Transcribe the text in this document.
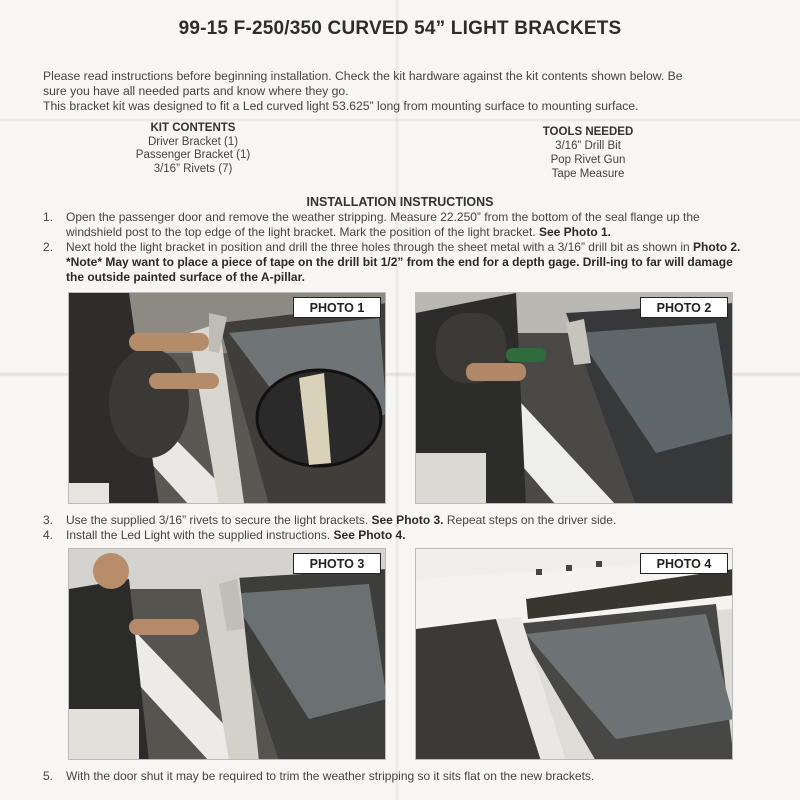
99-15 F-250/350 CURVED 54” LIGHT BRACKETS
Please read instructions before beginning installation. Check the kit hardware against the kit contents shown below. Be
sure you have all needed parts and know where they go.
This bracket kit was designed to fit a Led curved light 53.625” long from mounting surface to mounting surface.
KIT CONTENTS
Driver Bracket (1)
Passenger Bracket (1)
3/16” Rivets (7)
TOOLS NEEDED
3/16” Drill Bit
Pop Rivet Gun
Tape Measure
INSTALLATION INSTRUCTIONS
1. Open the passenger door and remove the weather stripping. Measure 22.250” from the bottom of the seal flange up the windshield post to the top edge of the light bracket. Mark the position of the light bracket. See Photo 1.
2. Next hold the light bracket in position and drill the three holes through the sheet metal with a 3/16” drill bit as shown in Photo 2. *Note* May want to place a piece of tape on the drill bit 1/2” from the end for a depth gage. Drill-ing to far will damage the outside painted surface of the A-pillar.
PHOTO 1	PHOTO 2
3. Use the supplied 3/16” rivets to secure the light brackets. See Photo 3. Repeat steps on the driver side.
4. Install the Led Light with the supplied instructions. See Photo 4.
PHOTO 3	PHOTO 4
5. With the door shut it may be required to trim the weather stripping so it sits flat on the new brackets.
